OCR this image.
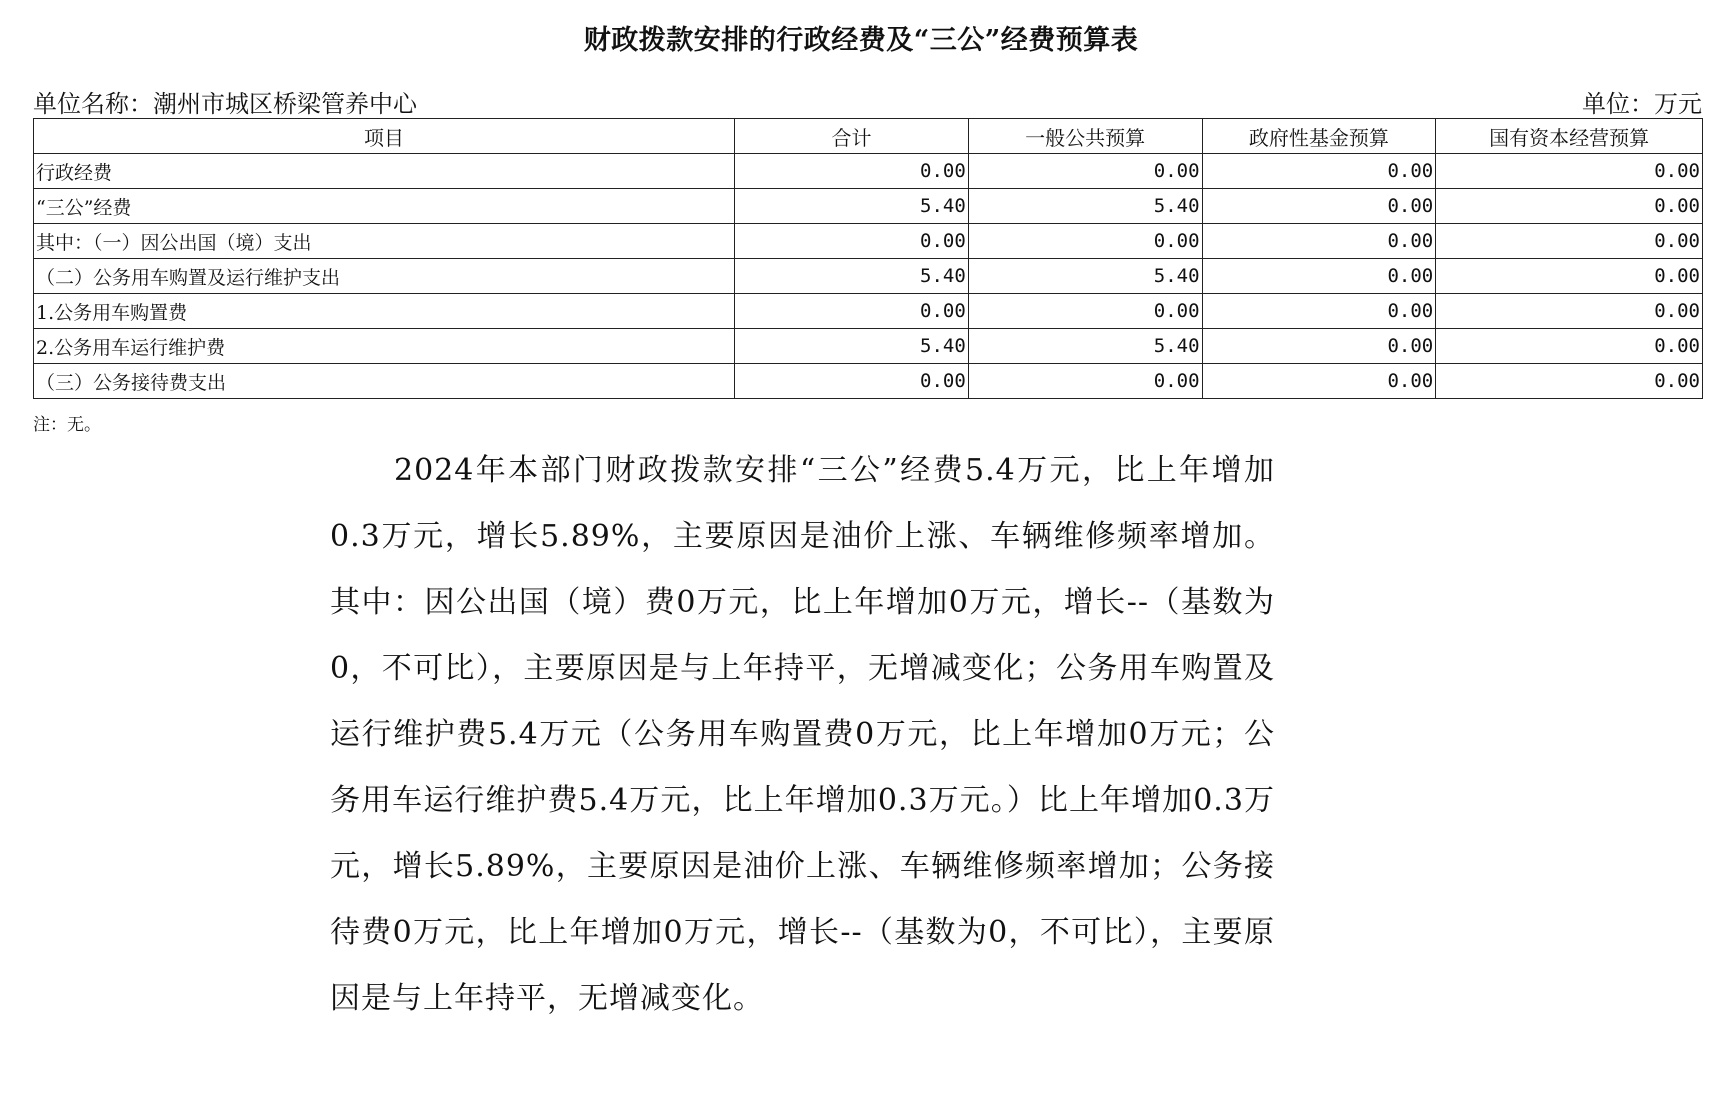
财政拨款安排的行政经费及“三公”经费预算表
单位名称：潮州市城区桥梁管养中心	单位：万元
项目	合计	一般公共预算	政府性基金预算	国有资本经营预算
行政经费	0.00	0.00	0.00	0.00
“三公”经费	5.40	5.40	0.00	0.00
其中：（一）因公出国（境）支出	0.00	0.00	0.00	0.00
（二）公务用车购置及运行维护支出	5.40	5.40	0.00	0.00
1.公务用车购置费	0.00	0.00	0.00	0.00
2.公务用车运行维护费	5.40	5.40	0.00	0.00
（三）公务接待费支出	0.00	0.00	0.00	0.00
注：无。
2024年本部门财政拨款安排“三公”经费5.4万元，比上年增加0.3万元，增长5.89%，主要原因是油价上涨、车辆维修频率增加。其中：因公出国（境）费0万元，比上年增加0万元，增长--（基数为0，不可比），主要原因是与上年持平，无增减变化；公务用车购置及运行维护费5.4万元（公务用车购置费0万元，比上年增加0万元；公务用车运行维护费5.4万元，比上年增加0.3万元。）比上年增加0.3万元，增长5.89%，主要原因是油价上涨、车辆维修频率增加；公务接待费0万元，比上年增加0万元，增长--（基数为0，不可比），主要原因是与上年持平，无增减变化。
